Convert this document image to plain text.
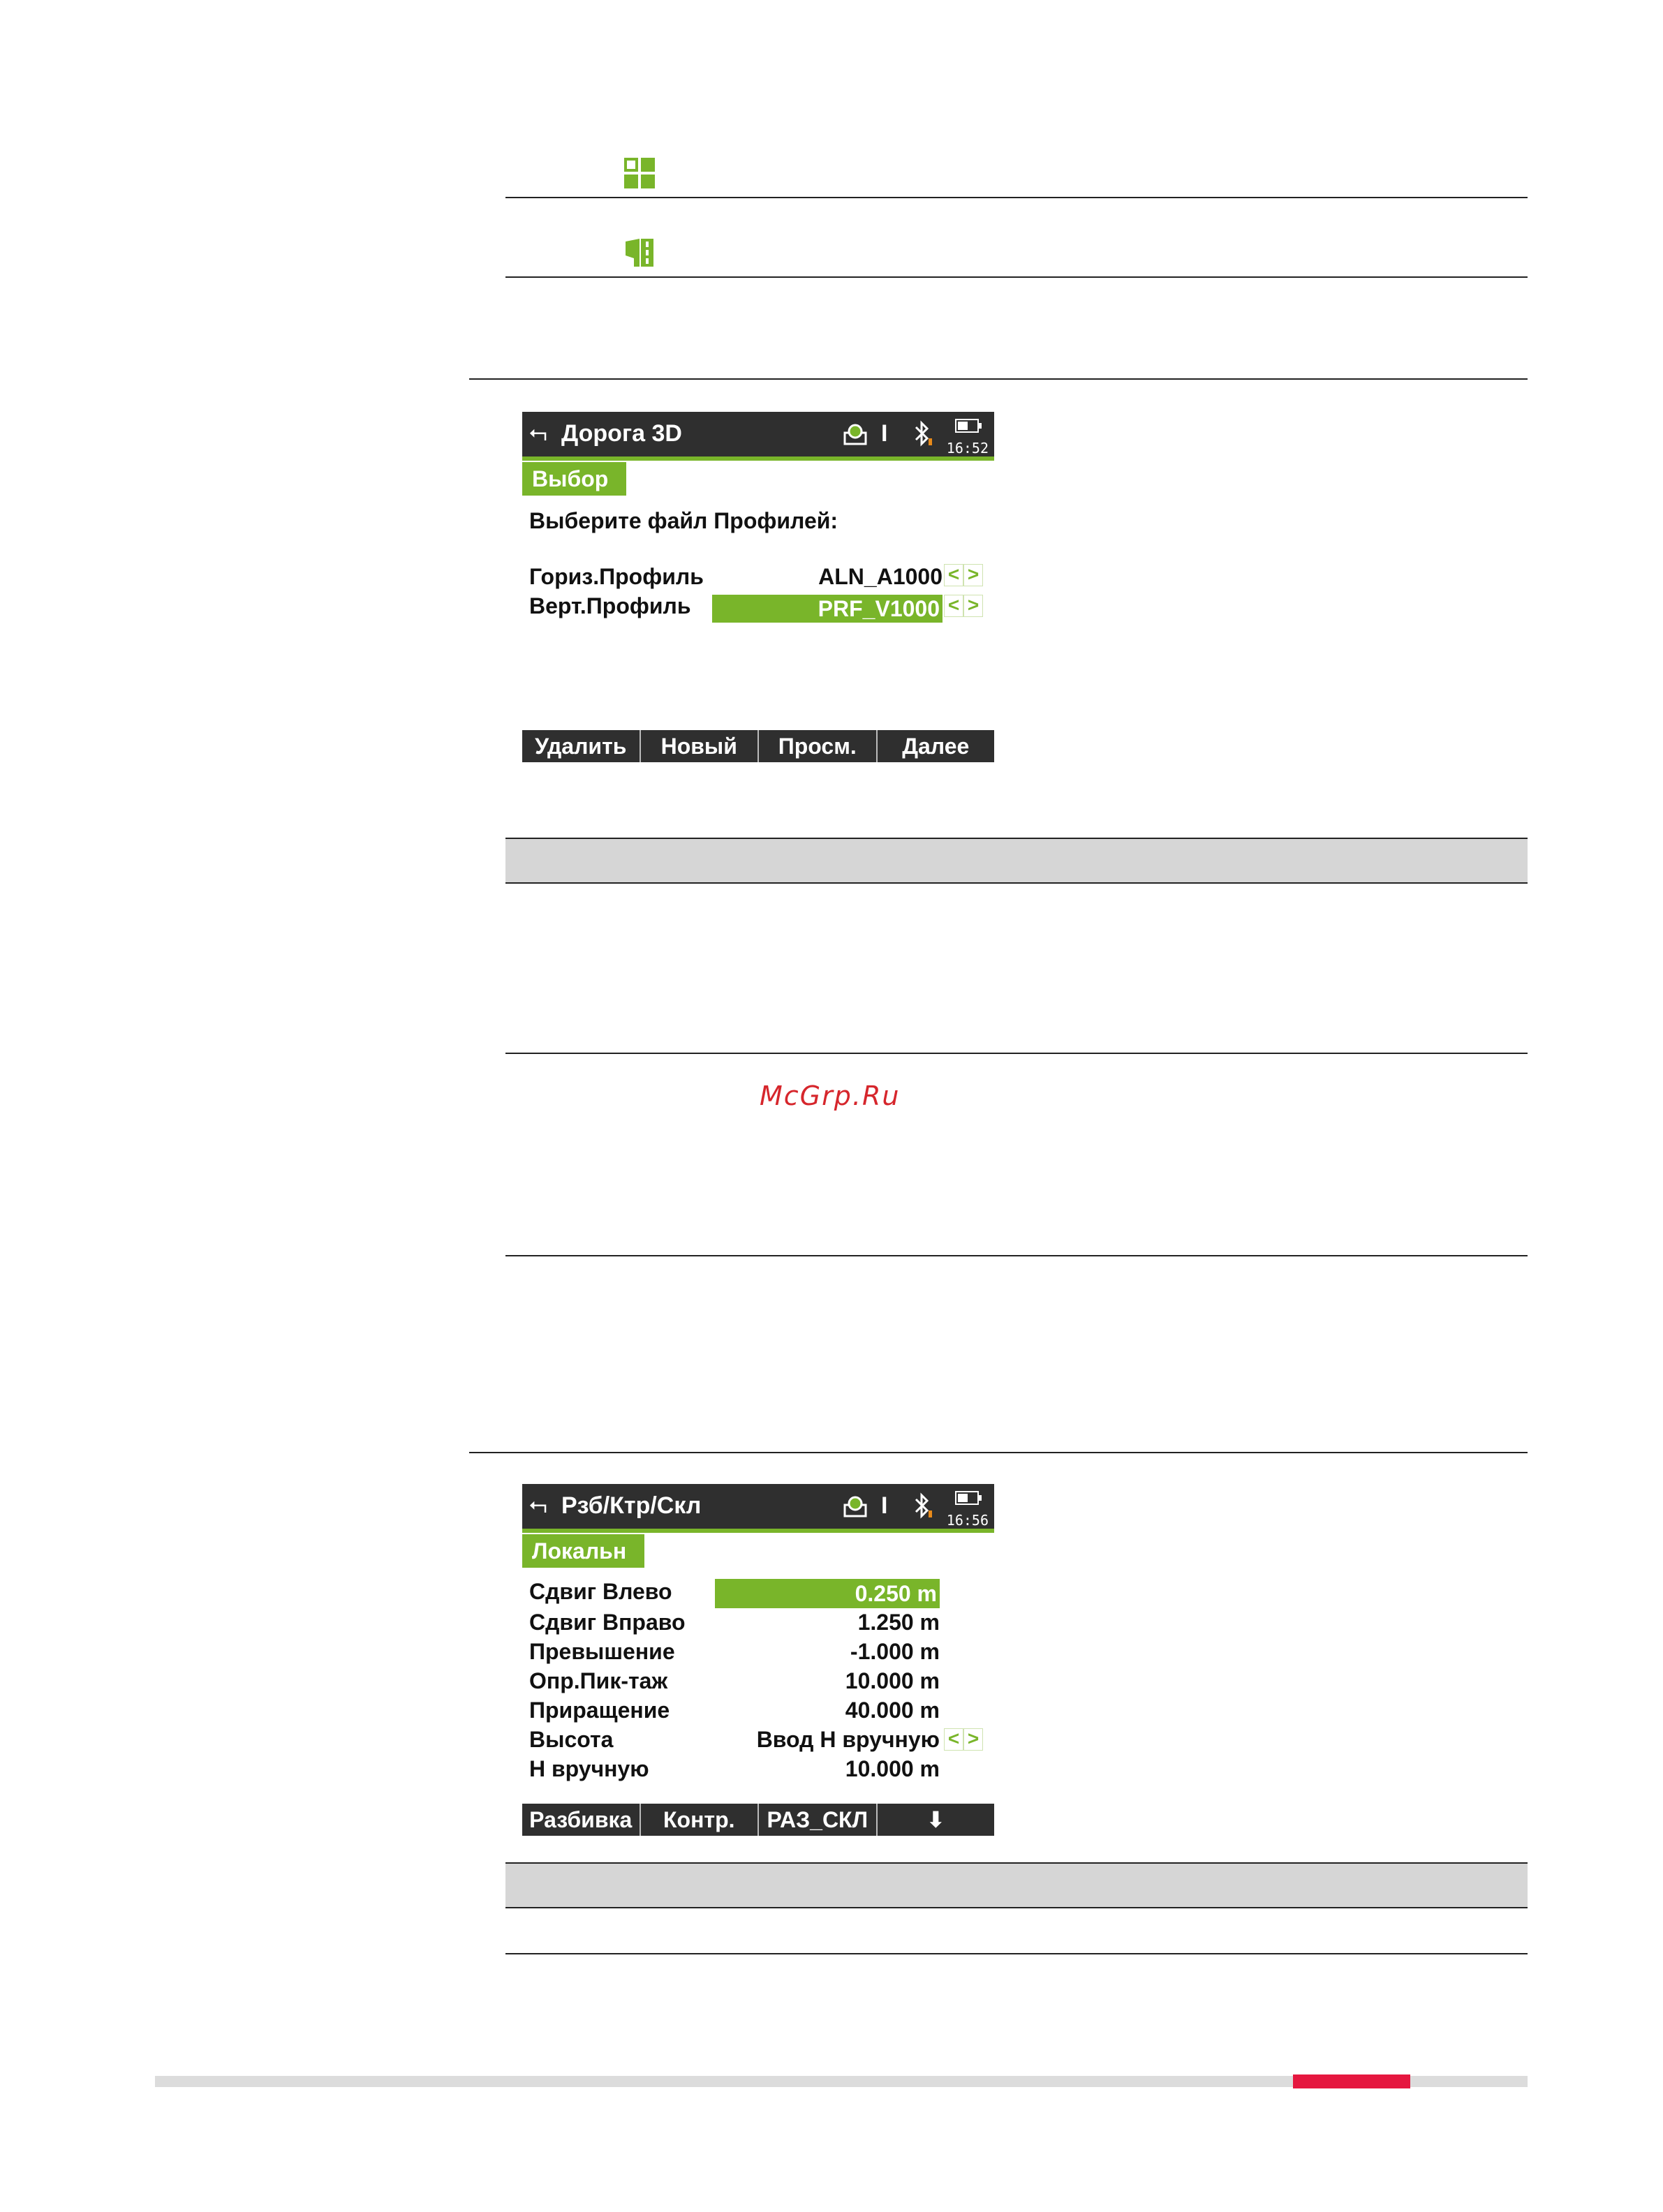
⮢ Дорога 3D	I
16:52
Выбор
Выберите файл Профилей:
Гориз.Профиль	ALN_A1000 < >
Верт.Профиль	PRF_V1000 < >
Удалить	Новый	Просм.	Далее
McGrp.Ru
⮢ Рзб/Ктр/Скл	I
16:56
Локальн
Сдвиг Влево	0.250 m
Сдвиг Вправо	1.250 m
Превышение	-1.000 m
Опр.Пик-таж	10.000 m
Приращение	40.000 m
Высота	Ввод Н вручную < >
Н вручную	10.000 m
Разбивка	Контр.	РАЗ_СКЛ	⬇
